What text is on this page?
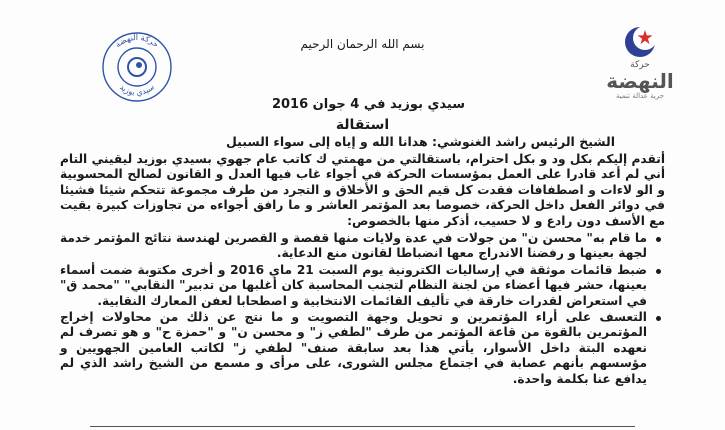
حركة
النهضة
حرية عدالة تنمية
حركة النهضة
سيدي بوزيد
بسم الله الرحمان الرحيم
سيدي بوزيد في 4 جوان 2016
استقالة
الشيخ الرئيس راشد الغنوشي: هدانا الله و إياه إلى سواء السبيل

أتقدم إليكم بكل ود و بكل احترام، باستقالتي من مهمتي ك كاتب عام جهوي بسيدي بوزيد ليقيني التام أني لم أعد قادرا على العمل بمؤسسات الحركة في أجواء غاب فيها العدل و القانون لصالح المحسوبية و الو لاءات و اصطفافات فقدت كل قيم الحق و الأخلاق و التجرد من طرف مجموعة تتحكم شيئا فشيئا في دوائر الفعل داخل الحركة، خصوصا بعد المؤتمر العاشر و ما رافق أجواءه من تجاوزات كبيرة بقيت مع الأسف دون رادع و لا حسيب، أذكر منها بالخصوص:

ما قام به" محسن ن" من جولات في عدة ولايات منها قفصة و القصرين لهندسة نتائج المؤتمر خدمة لجهة بعينها و رفضنا الاندراج معها انضباطا لقانون منع الدعاية.
ضبط قائمات موثقة في إرساليات الكترونية يوم السبت 21 ماي 2016 و أخرى مكتوبة ضمت أسماء بعينها، حشر فيها أعضاء من لجنة النظام لتجنب المحاسبة كان أغلبها من تدبير" النقابي" "محمد ق" في استعراض لقدرات خارقة في تأليف القائمات الانتخابية و اصطحابا لعفن المعارك النقابية.
التعسف على أراء المؤتمرين و تحويل وجهة التصويت و ما نتج عن ذلك من محاولات إخراج المؤتمرين بالقوة من قاعة المؤتمر من طرف "لطفي ز" و محسن ن" و "حمزة ح" و هو تصرف لم نعهده البتة داخل الأسوار، يأتي هذا بعد سابقة صنف" لطفي ز" لكاتب العامين الجهويين و مؤسسهم بأنهم عصابة في اجتماع مجلس الشورى، على مرأى و مسمع من الشيخ راشد الذي لم يدافع عنا بكلمة واحدة.
